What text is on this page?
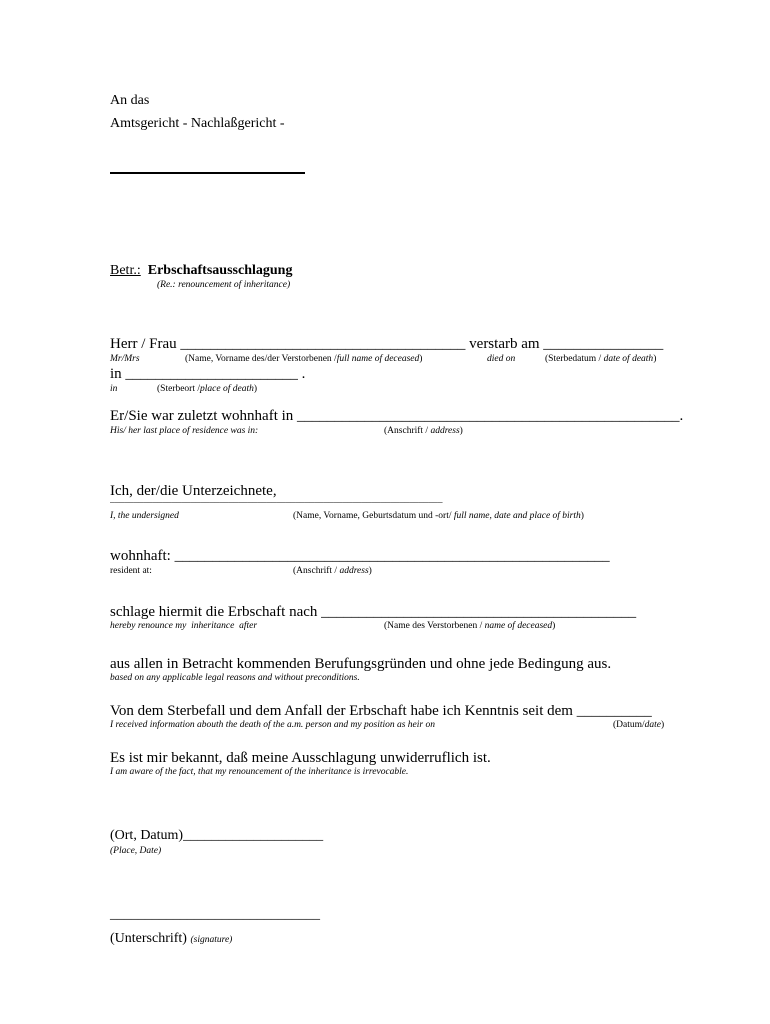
An das
Amtsgericht - Nachlaßgericht -
Betr.: Erbschaftsausschlagung
(Re.: renouncement of inheritance)
Herr / Frau ______________________________________ verstarb am ________________
Mr/Mrs	(Name, Vorname des/der Verstorbenen /full name of deceased)	died on	(Sterbedatum / date of death)
in _______________________ .
in	(Sterbeort /place of death)
Er/Sie war zuletzt wohnhaft in ___________________________________________________.
His/ her last place of residence was in:	(Anschrift / address)
Ich, der/die Unterzeichnete,
______________________________________________________________________
I, the undersigned	(Name, Vorname, Geburtsdatum und -ort/ full name, date and place of birth)
wohnhaft: __________________________________________________________
resident at:	(Anschrift / address)
schlage hiermit die Erbschaft nach __________________________________________
hereby renounce my  inheritance  after	(Name des Verstorbenen / name of deceased)
aus allen in Betracht kommenden Berufungsgründen und ohne jede Bedingung aus.
based on any applicable legal reasons and without preconditions.
Von dem Sterbefall und dem Anfall der Erbschaft habe ich Kenntnis seit dem __________
I received information abouth the death of the a.m. person and my position as heir on	(Datum/date)
Es ist mir bekannt, daß meine Ausschlagung unwiderruflich ist.
I am aware of the fact, that my renouncement of the inheritance is irrevocable.
(Ort, Datum)____________________
(Place, Date)
______________________________
(Unterschrift) (signature)
